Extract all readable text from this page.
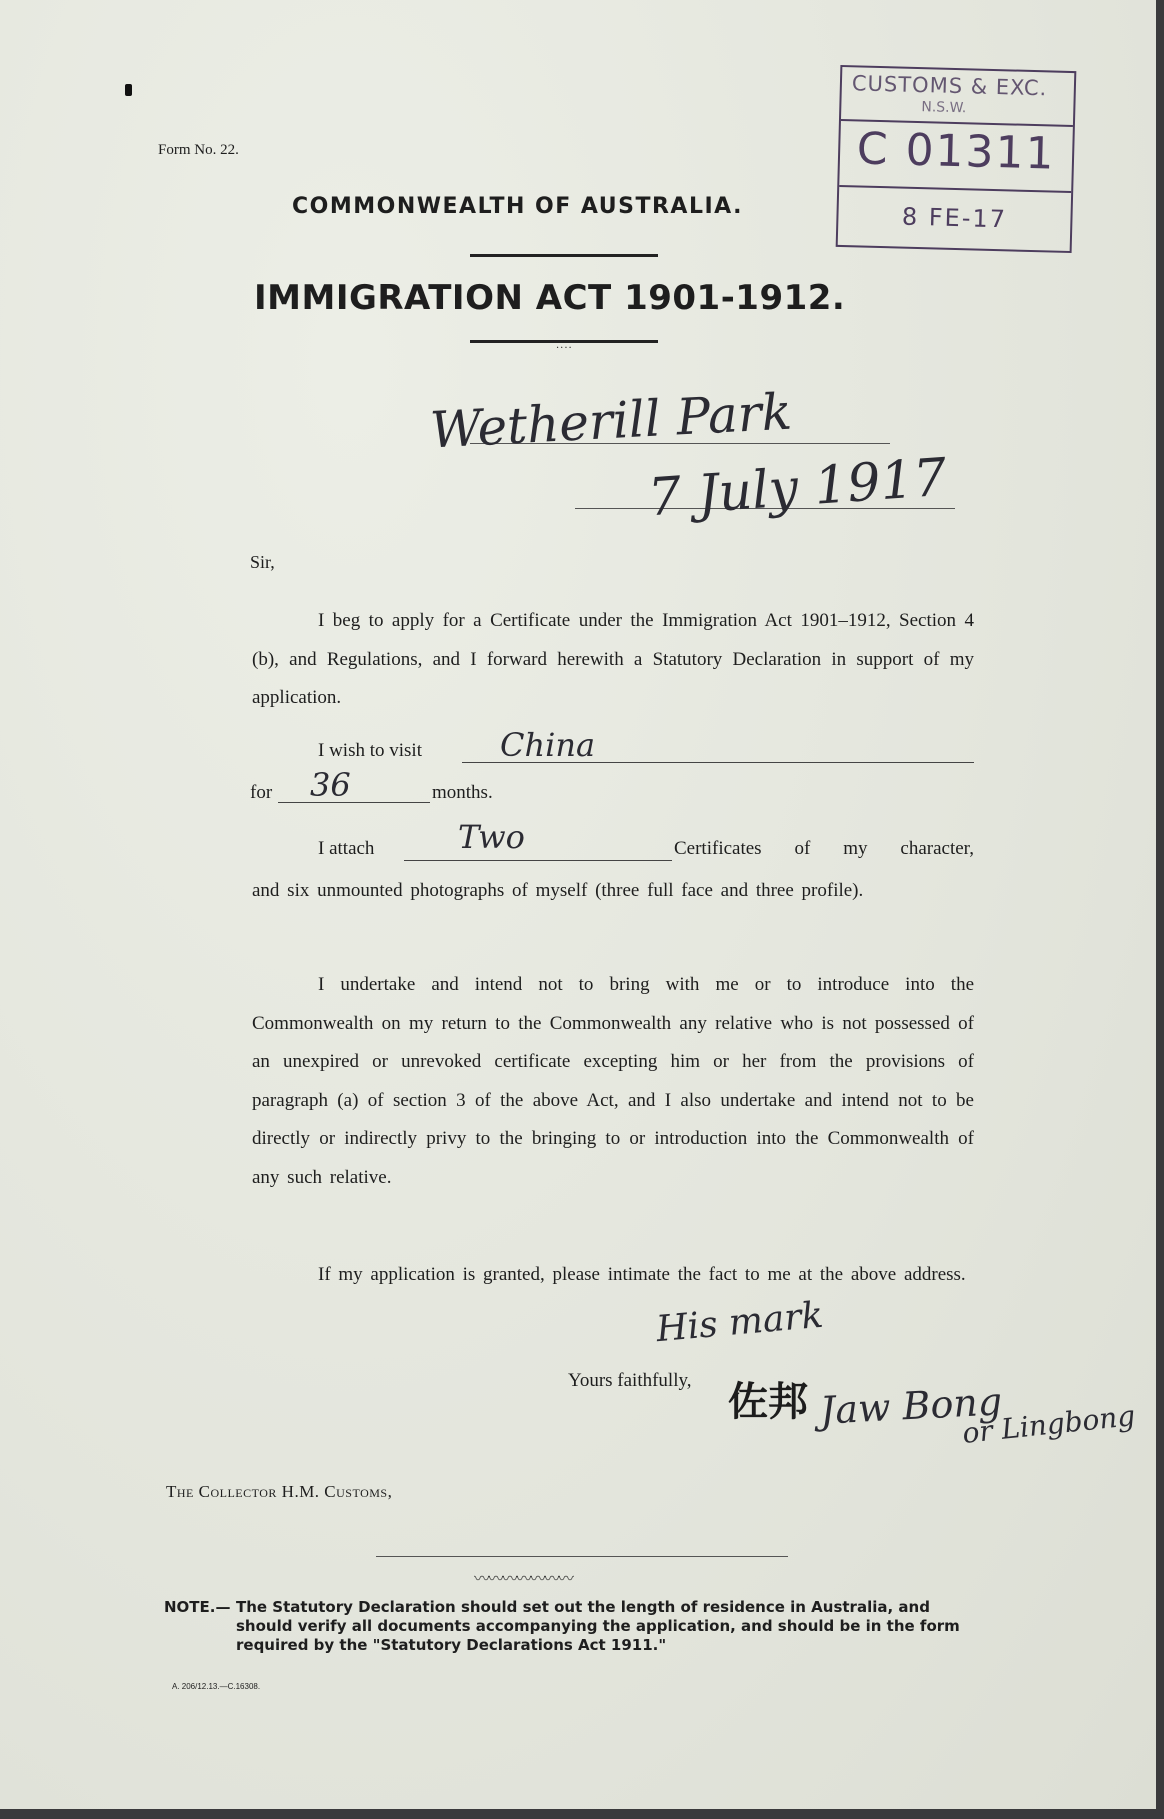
Form No. 22.
COMMONWEALTH OF AUSTRALIA.
CUSTOMS & EXC.
N.S.W.
C 01311
8 FE-17
IMMIGRATION ACT 1901-1912.
....
Wetherill Park
7 July 1917
Sir,
I beg to apply for a Certificate under the Immigration Act 1901–1912, Section 4 (b), and Regulations, and I forward herewith a Statutory Declaration in support of my application.
I wish to visit China
for 36	months.
I attach	Two	Certificates of my character,
and six unmounted photographs of myself (three full face and three profile).
I undertake and intend not to bring with me or to introduce into the Commonwealth on my return to the Commonwealth any relative who is not possessed of an unexpired or unrevoked certificate excepting him or her from the provisions of paragraph (a) of section 3 of the above Act, and I also undertake and intend not to be directly or indirectly privy to the bringing to or introduction into the Commonwealth of any such relative.
If my application is granted, please intimate the fact to me at the above address.
His mark
Yours faithfully, 佐邦 Jaw Bong
or Lingbong
The Collector H.M. Customs,
〰〰〰〰〰〰〰
NOTE.— The Statutory Declaration should set out the length of residence in Australia, and should verify all documents accompanying the application, and should be in the form required by the "Statutory Declarations Act 1911."
A. 206/12.13.—C.16308.
